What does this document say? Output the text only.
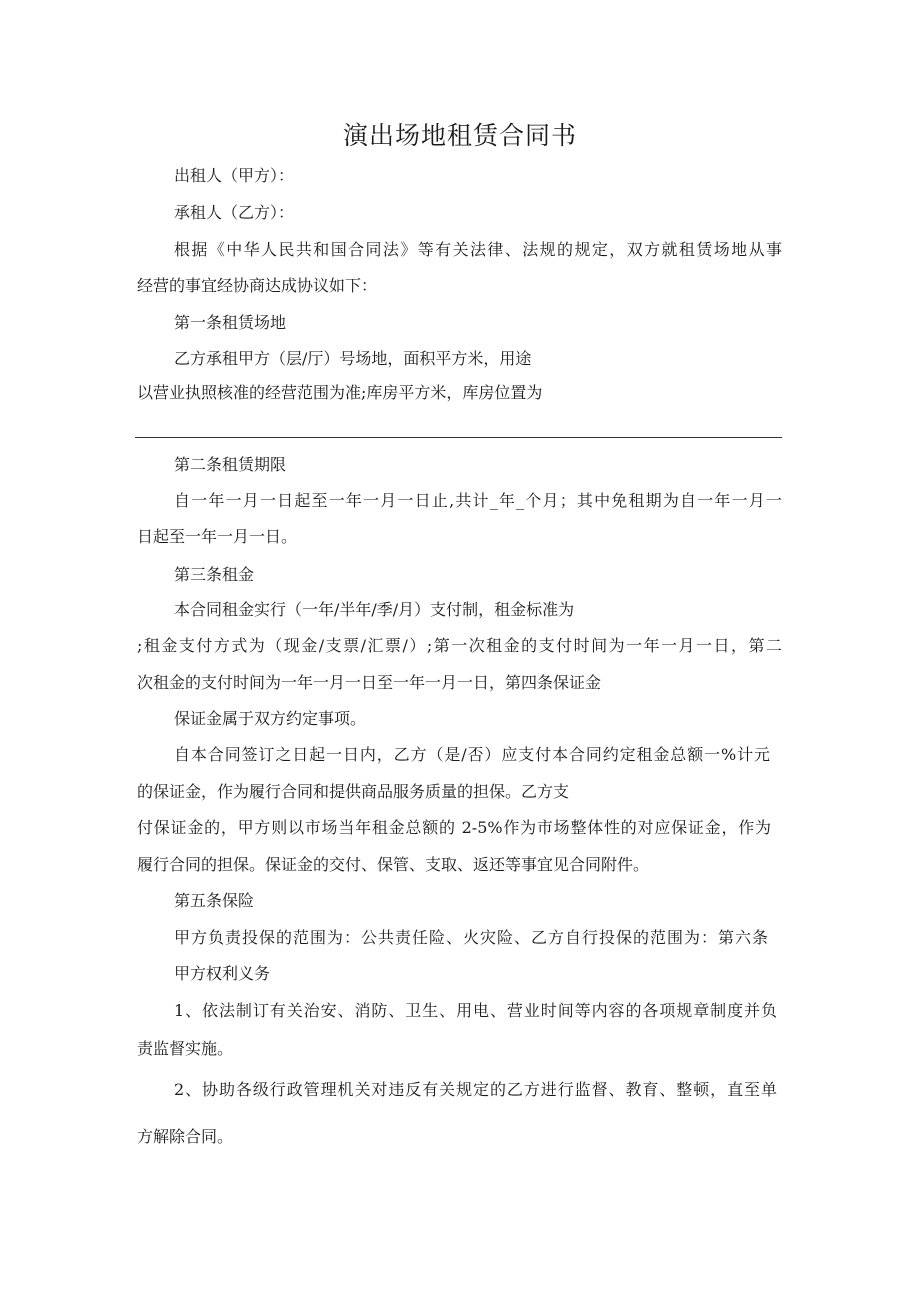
演出场地租赁合同书

出租人（甲方）：

承租人（乙方）：

根据《中华人民共和国合同法》等有关法律、法规的规定，双方就租赁场地从事

经营的事宜经协商达成协议如下：

第一条租赁场地

乙方承租甲方（层/厅）号场地，面积平方米，用途

以营业执照核准的经营范围为准;库房平方米，库房位置为

第二条租赁期限

自一年一月一日起至一年一月一日止,共计_年_个月；其中免租期为自一年一月一

日起至一年一月一日。

第三条租金

本合同租金实行（一年/半年/季/月）支付制，租金标准为

;租金支付方式为（现金/支票/汇票/）;第一次租金的支付时间为一年一月一日，第二

次租金的支付时间为一年一月一日至一年一月一日，第四条保证金

保证金属于双方约定事项。

自本合同签订之日起一日内，乙方（是/否）应支付本合同约定租金总额一%计元

的保证金，作为履行合同和提供商品服务质量的担保。乙方支

付保证金的，甲方则以市场当年租金总额的 2-5%作为市场整体性的对应保证金，作为

履行合同的担保。保证金的交付、保管、支取、返还等事宜见合同附件。

第五条保险

甲方负责投保的范围为：公共责任险、火灾险、乙方自行投保的范围为：第六条

甲方权利义务

1、依法制订有关治安、消防、卫生、用电、营业时间等内容的各项规章制度并负

责监督实施。

2、协助各级行政管理机关对违反有关规定的乙方进行监督、教育、整顿，直至单

方解除合同。
